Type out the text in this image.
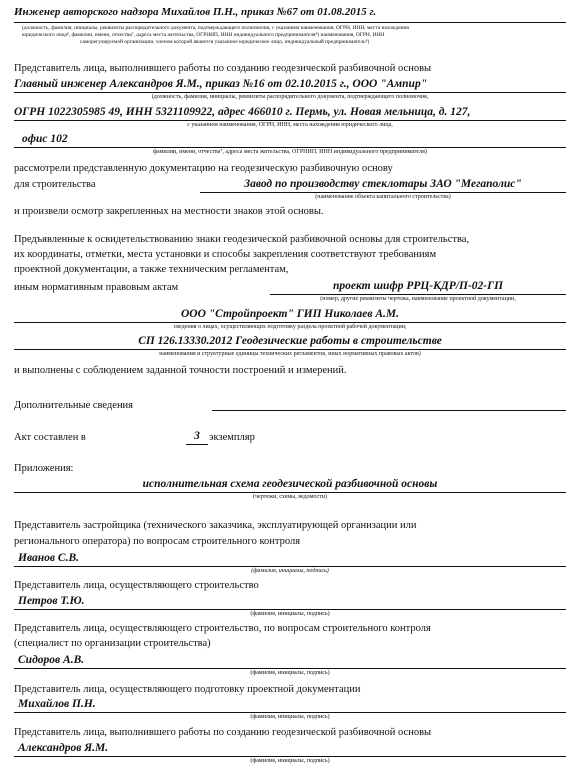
Инженер авторского надзора Михайлов П.Н., приказ №67 от 01.08.2015 г.
(должность, фамилия, инициалы, реквизиты распорядительного документа, подтверждающего полномочия, с указанием наименования, ОГРН, ИНН, места нахождения
юридического лица⁸, фамилии, имени, отчества⁷, адреса места жительства, ОГРНИП, ИНН индивидуального предпринимателя⁸) наименования, ОГРН, ИНН
саморегулируемой организации, членом которой является указанное юридическое лицо, индивидуальный предприниматель⁸)
Представитель лица, выполнившего работы по созданию геодезической разбивочной основы
Главный инженер Александров Я.М., приказ №16 от 02.10.2015 г., ООО "Ампир"
(должность, фамилия, инициалы, реквизиты распорядительного документа, подтверждающего полномочия,
ОГРН 1022305985 49, ИНН 5321109922, адрес 466010 г. Пермь, ул. Новая мельница, д. 127,
с указанием наименования, ОГРН, ИНН, места нахождения юридического лица,
офис 102
фамилии, имени, отчества⁷, адреса места жительства, ОГРНИП, ИНН индивидуального предпринимателя)
рассмотрели представленную документацию на геодезическую разбивочную основу
для строительства	Завод по производству стеклотары ЗАО "Мегаполис"
(наименование объекта капитального строительства)
и произвели осмотр закрепленных на местности знаков этой основы.
Предъявленные к освидетельствованию знаки геодезической разбивочной основы для строительства,
их координаты, отметки, места установки и способы закрепления соответствуют требованиям
проектной документации, а также техническим регламентам,
иным нормативным правовым актам	проект шифр РРЦ-КДР/П-02-ГП
(номер, другие реквизиты чертежа, наименование проектной документации,
ООО "Стройпроект" ГИП Николаев А.М.
сведения о лицах, осуществляющих подготовку раздела проектной рабочей документации,
СП 126.13330.2012 Геодезические работы в строительстве
наименования и структурные единицы технических регламентов, иных нормативных правовых актов)
и выполнены с соблюдением заданной точности построений и измерений.
Дополнительные сведения
Акт составлен в	3 экземпляр
Приложения:
исполнительная схема геодезической разбивочной основы
(чертежи, схемы, ведомости)
Представитель застройщика (технического заказчика, эксплуатирующей организации или
регионального оператора) по вопросам строительного контроля
Иванов С.В.
(фамилия, инициалы, подпись)
Представитель лица, осуществляющего строительство
Петров Т.Ю.
(фамилия, инициалы, подпись)
Представитель лица, осуществляющего строительство, по вопросам строительного контроля
(специалист по организации строительства)
Сидоров А.В.
(фамилия, инициалы, подпись)
Представитель лица, осуществляющего подготовку проектной документации
Михайлов П.Н.
(фамилия, инициалы, подпись)
Представитель лица, выполнившего работы по созданию геодезической разбивочной основы
Александров Я.М.
(фамилия, инициалы, подпись)
